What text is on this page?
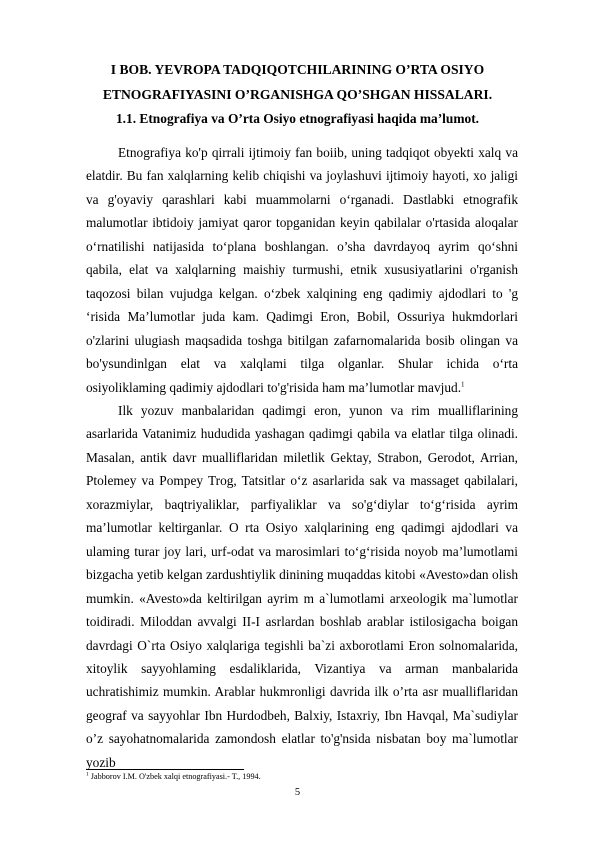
I BOB. YEVROPA TADQIQOTCHILARINING O’RTA OSIYO
ETNOGRAFIYASINI O’RGANISHGA QO’SHGAN HISSALARI.
1.1. Etnografiya va O’rta Osiyo etnografiyasi haqida ma’lumot.

Etnografiya ko'p qirrali ijtimoiy fan boiib, uning tadqiqot obyekti xalq va elatdir. Bu fan xalqlarning kelib chiqishi va joylashuvi ijtimoiy hayoti, xo jaligi va g'oyaviy qarashlari kabi muammolarni o‘rganadi. Dastlabki etnografik malumotlar ibtidoiy jamiyat qaror topganidan keyin qabilalar o'rtasida aloqalar o‘rnatilishi natijasida to‘plana boshlangan. o’sha davrdayoq ayrim qo‘shni qabila, elat va xalqlarning maishiy turmushi, etnik xususiyatlarini o'rganish taqozosi bilan vujudga kelgan. o‘zbek xalqining eng qadimiy ajdodlari to 'g ‘risida Ma’lumotlar juda kam. Qadimgi Eron, Bobil, Ossuriya hukmdorlari o'zlarini ulugiash maqsadida toshga bitilgan zafarnomalarida bosib olingan va bo'ysundinlgan elat va xalqlami tilga olganlar. Shular ichida o‘rta osiyoliklaming qadimiy ajdodlari to'g'risida ham ma’lumotlar mavjud.$^1$

Ilk yozuv manbalaridan qadimgi eron, yunon va rim mualliflarining asarlarida Vatanimiz hududida yashagan qadimgi qabila va elatlar tilga olinadi. Masalan, antik davr mualliflaridan miletlik Gektay, Strabon, Gerodot, Arrian, Ptolemey va Pompey Trog, Tatsitlar o‘z asarlarida sak va massaget qabilalari, xorazmiylar, baqtriyaliklar, parfiyaliklar va so'g‘diylar to‘g‘risida ayrim ma’lumotlar keltirganlar. O rta Osiyo xalqlarining eng qadimgi ajdodlari va ulaming turar joy lari, urf-odat va marosimlari to‘g‘risida noyob ma’lumotlami bizgacha yetib kelgan zardushtiylik dinining muqaddas kitobi «Avesto»dan olish mumkin. «Avesto»da keltirilgan ayrim m a`lumotlami arxeologik ma`lumotlar toidiradi. Miloddan avvalgi II-I asrlardan boshlab arablar istilosigacha boigan davrdagi O`rta Osiyo xalqlariga tegishli ba`zi axborotlami Eron solnomalarida, xitoylik sayyohlaming esdaliklarida, Vizantiya va arman manbalarida uchratishimiz mumkin. Arablar hukmronligi davrida ilk o’rta asr mualliflaridan geograf va sayyohlar Ibn Hurdodbeh, Balxiy, Istaxriy, Ibn Havqal, Ma`sudiylar o’z sayohatnomalarida zamondosh elatlar to'g'nsida nisbatan boy ma`lumotlar yozib

$^1$ Jabborov I.M. O'zbek xalqi etnografiyasi.- T., 1994.
5
